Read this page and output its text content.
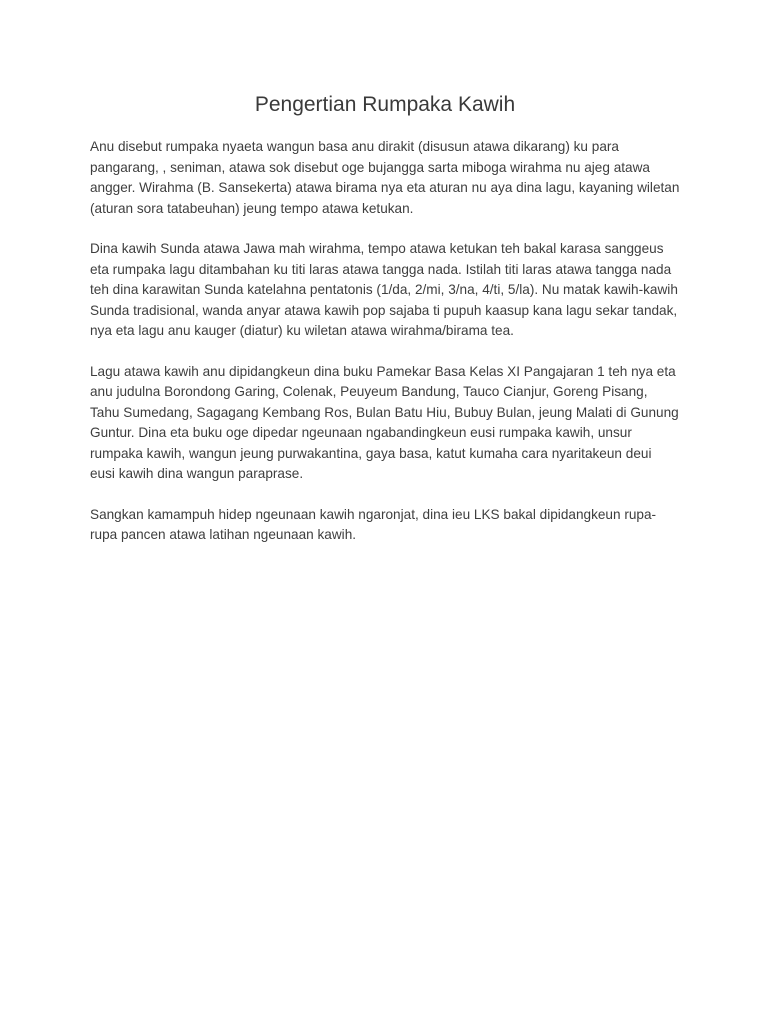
Pengertian Rumpaka Kawih

Anu disebut rumpaka nyaeta wangun basa anu dirakit (disusun atawa dikarang) ku para pangarang, , seniman, atawa sok disebut oge bujangga sarta miboga wirahma nu ajeg atawa angger. Wirahma (B. Sansekerta) atawa birama nya eta aturan nu aya dina lagu, kayaning wiletan (aturan sora tatabeuhan) jeung tempo atawa ketukan.

Dina kawih Sunda atawa Jawa mah wirahma, tempo atawa ketukan teh bakal karasa sanggeus eta rumpaka lagu ditambahan ku titi laras atawa tangga nada. Istilah titi laras atawa tangga nada teh dina karawitan Sunda katelahna pentatonis (1/da, 2/mi, 3/na, 4/ti, 5/la). Nu matak kawih-kawih Sunda tradisional, wanda anyar atawa kawih pop sajaba ti pupuh kaasup kana lagu sekar tandak, nya eta lagu anu kauger (diatur) ku wiletan atawa wirahma/birama tea.

Lagu atawa kawih anu dipidangkeun dina buku Pamekar Basa Kelas XI Pangajaran 1 teh nya eta anu judulna Borondong Garing, Colenak, Peuyeum Bandung, Tauco Cianjur, Goreng Pisang, Tahu Sumedang, Sagagang Kembang Ros, Bulan Batu Hiu, Bubuy Bulan, jeung Malati di Gunung Guntur. Dina eta buku oge dipedar ngeunaan ngabandingkeun eusi rumpaka kawih, unsur rumpaka kawih, wangun jeung purwakantina, gaya basa, katut kumaha cara nyaritakeun deui eusi kawih dina wangun paraprase.

Sangkan kamampuh hidep ngeunaan kawih ngaronjat, dina ieu LKS bakal dipidangkeun rupa-rupa pancen atawa latihan ngeunaan kawih.
